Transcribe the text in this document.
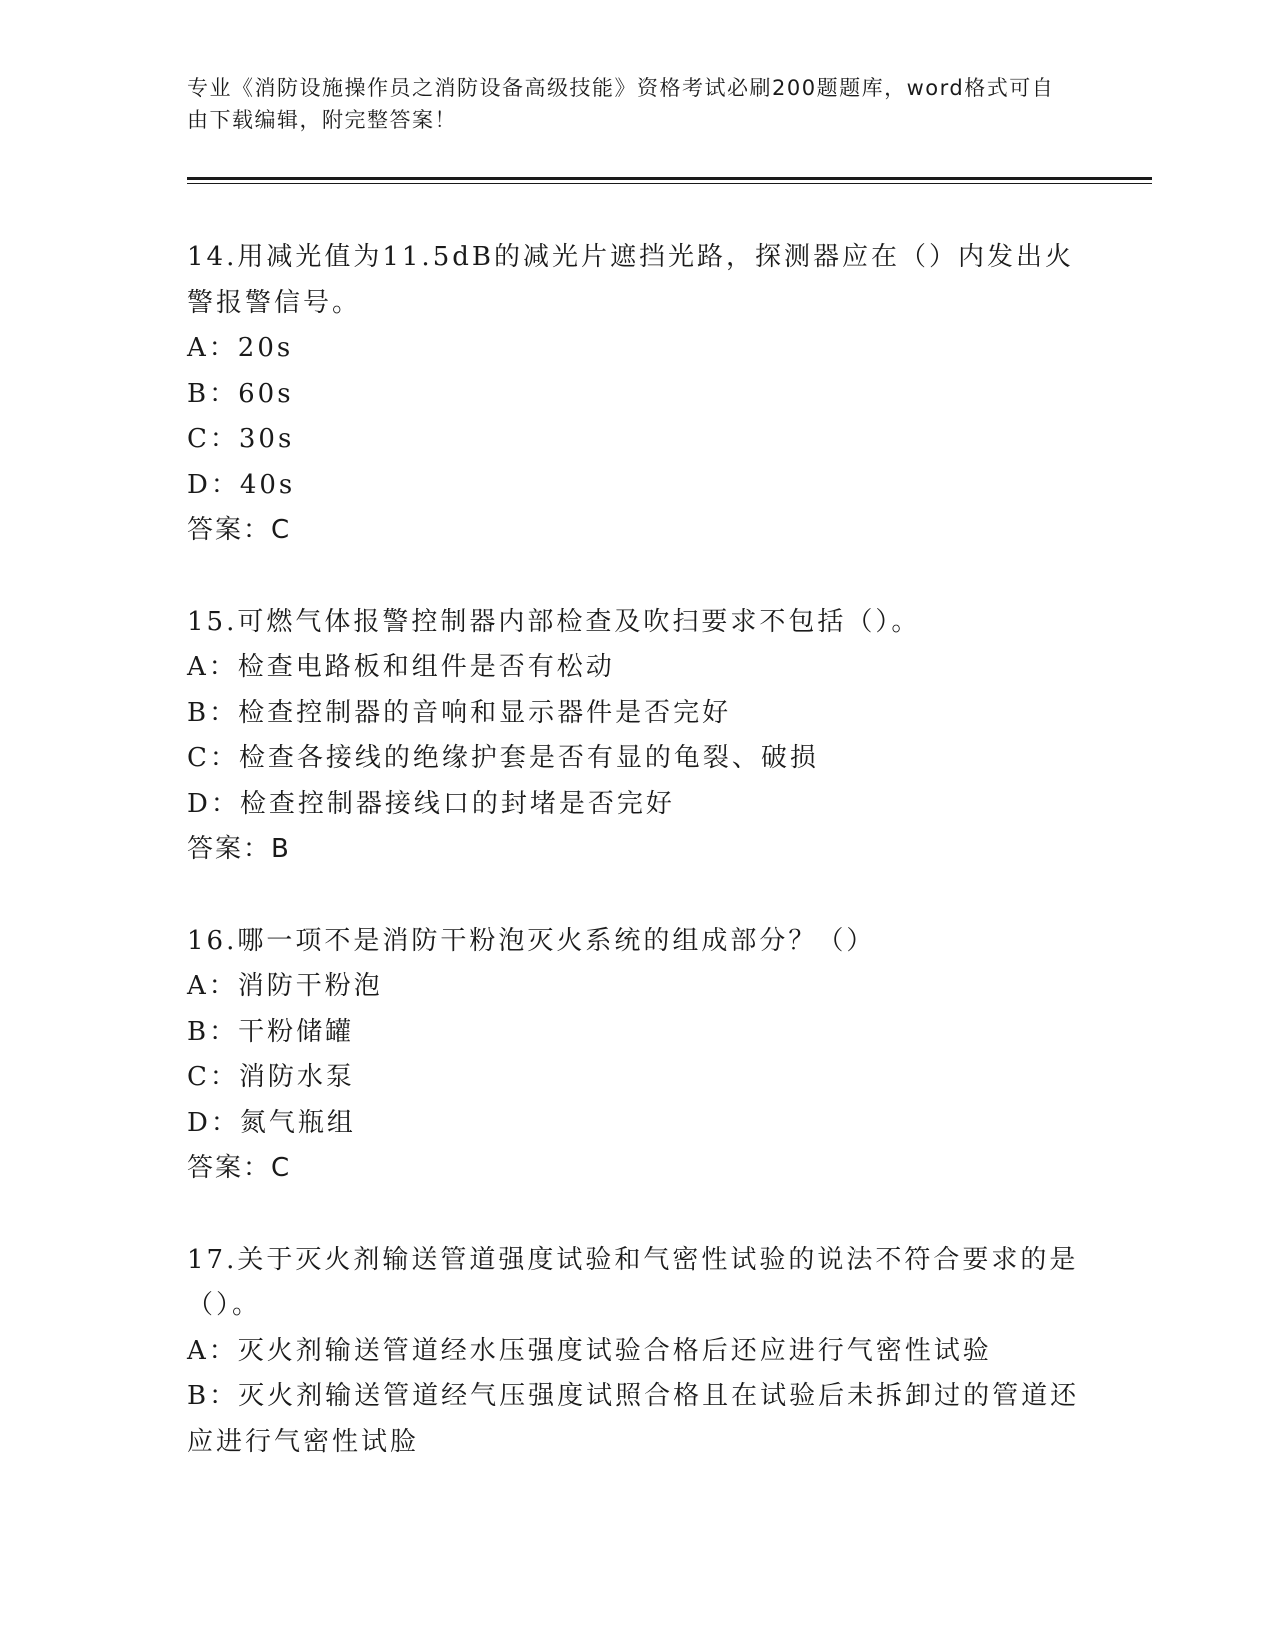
专业《消防设施操作员之消防设备高级技能》资格考试必刷200题题库，word格式可自由下载编辑，附完整答案！
14.用减光值为11.5dB的减光片遮挡光路，探测器应在（）内发出火警报警信号。
A：20s
B：60s
C：30s
D：40s
答案：C
15.可燃气体报警控制器内部检查及吹扫要求不包括（）。
A：检查电路板和组件是否有松动
B：检查控制器的音响和显示器件是否完好
C：检查各接线的绝缘护套是否有显的龟裂、破损
D：检查控制器接线口的封堵是否完好
答案：B
16.哪一项不是消防干粉泡灭火系统的组成部分？（）
A：消防干粉泡
B：干粉储罐
C：消防水泵
D：氮气瓶组
答案：C
17.关于灭火剂输送管道强度试验和气密性试验的说法不符合要求的是（）。
A：灭火剂输送管道经水压强度试验合格后还应进行气密性试验
B：灭火剂输送管道经气压强度试照合格且在试验后未拆卸过的管道还应进行气密性试脸
